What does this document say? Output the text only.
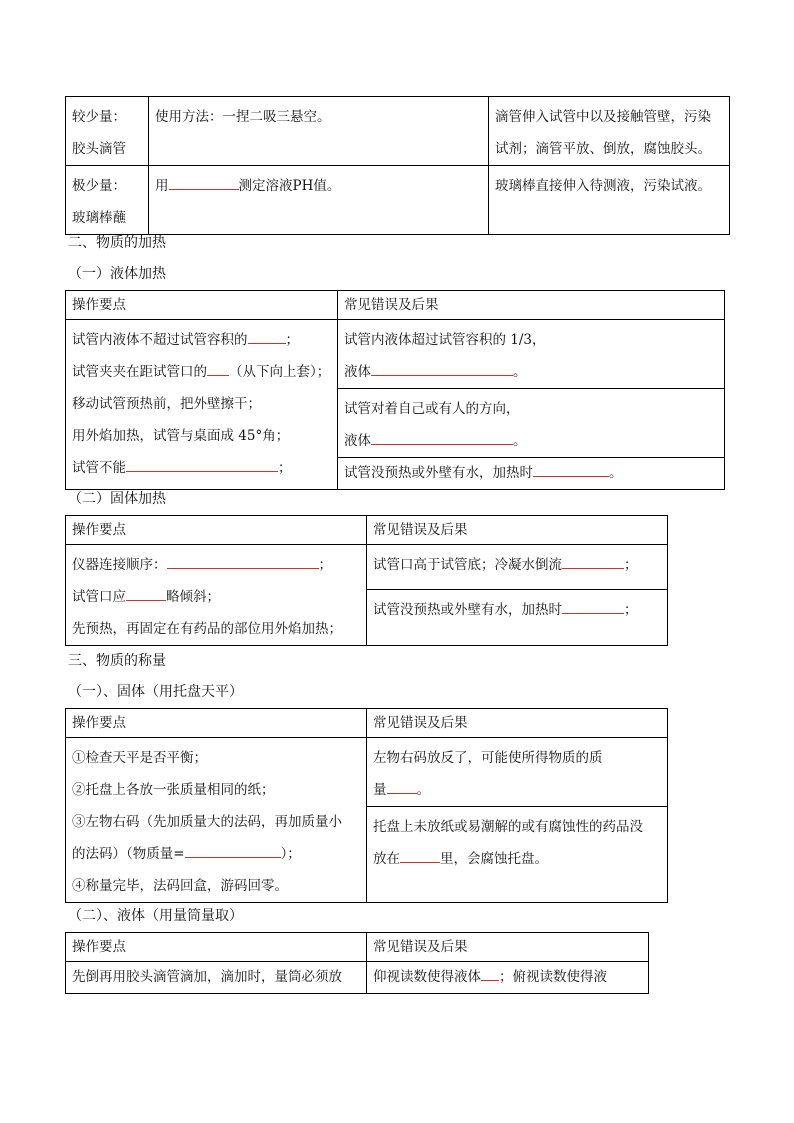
较少量：
胶头滴管	使用方法：一捏二吸三悬空。	滴管伸入试管中以及接触管壁，污染
试剂；滴管平放、倒放，腐蚀胶头。

极少量：
玻璃棒蘸	用 测定溶液PH值。	玻璃棒直接伸入待测液，污染试液。
二、物质的加热
（一）液体加热
操作要点	常见错误及后果

试管内液体不超过试管容积的 ；
试管夹夹在距试管口的 （从下向上套）；
移动试管预热前，把外壁擦干；
用外焰加热，试管与桌面成 45°角；
试管不能 ；	试管内液体超过试管容积的 1/3，
液体 。

	试管对着自己或有人的方向，
液体 。

	试管没预热或外壁有水，加热时 。
（二）固体加热
操作要点	常见错误及后果

仪器连接顺序： ；
试管口应 略倾斜；
先预热，再固定在有药品的部位用外焰加热；	试管口高于试管底；冷凝水倒流 ；

	试管没预热或外壁有水，加热时 ；
三、物质的称量
（一）、固体（用托盘天平）
操作要点	常见错误及后果

①检查天平是否平衡；
②托盘上各放一张质量相同的纸；
③左物右码（先加质量大的法码，再加质量小
的法码）（物质量= ）；
④称量完毕，法码回盒，游码回零。	左物右码放反了，可能使所得物质的质
量 。

	托盘上未放纸或易潮解的或有腐蚀性的药品没
放在 里，会腐蚀托盘。
（二）、液体（用量筒量取）
操作要点	常见错误及后果
先倒再用胶头滴管滴加，滴加时，量筒必须放	仰视读数使得液体 ；俯视读数使得液
